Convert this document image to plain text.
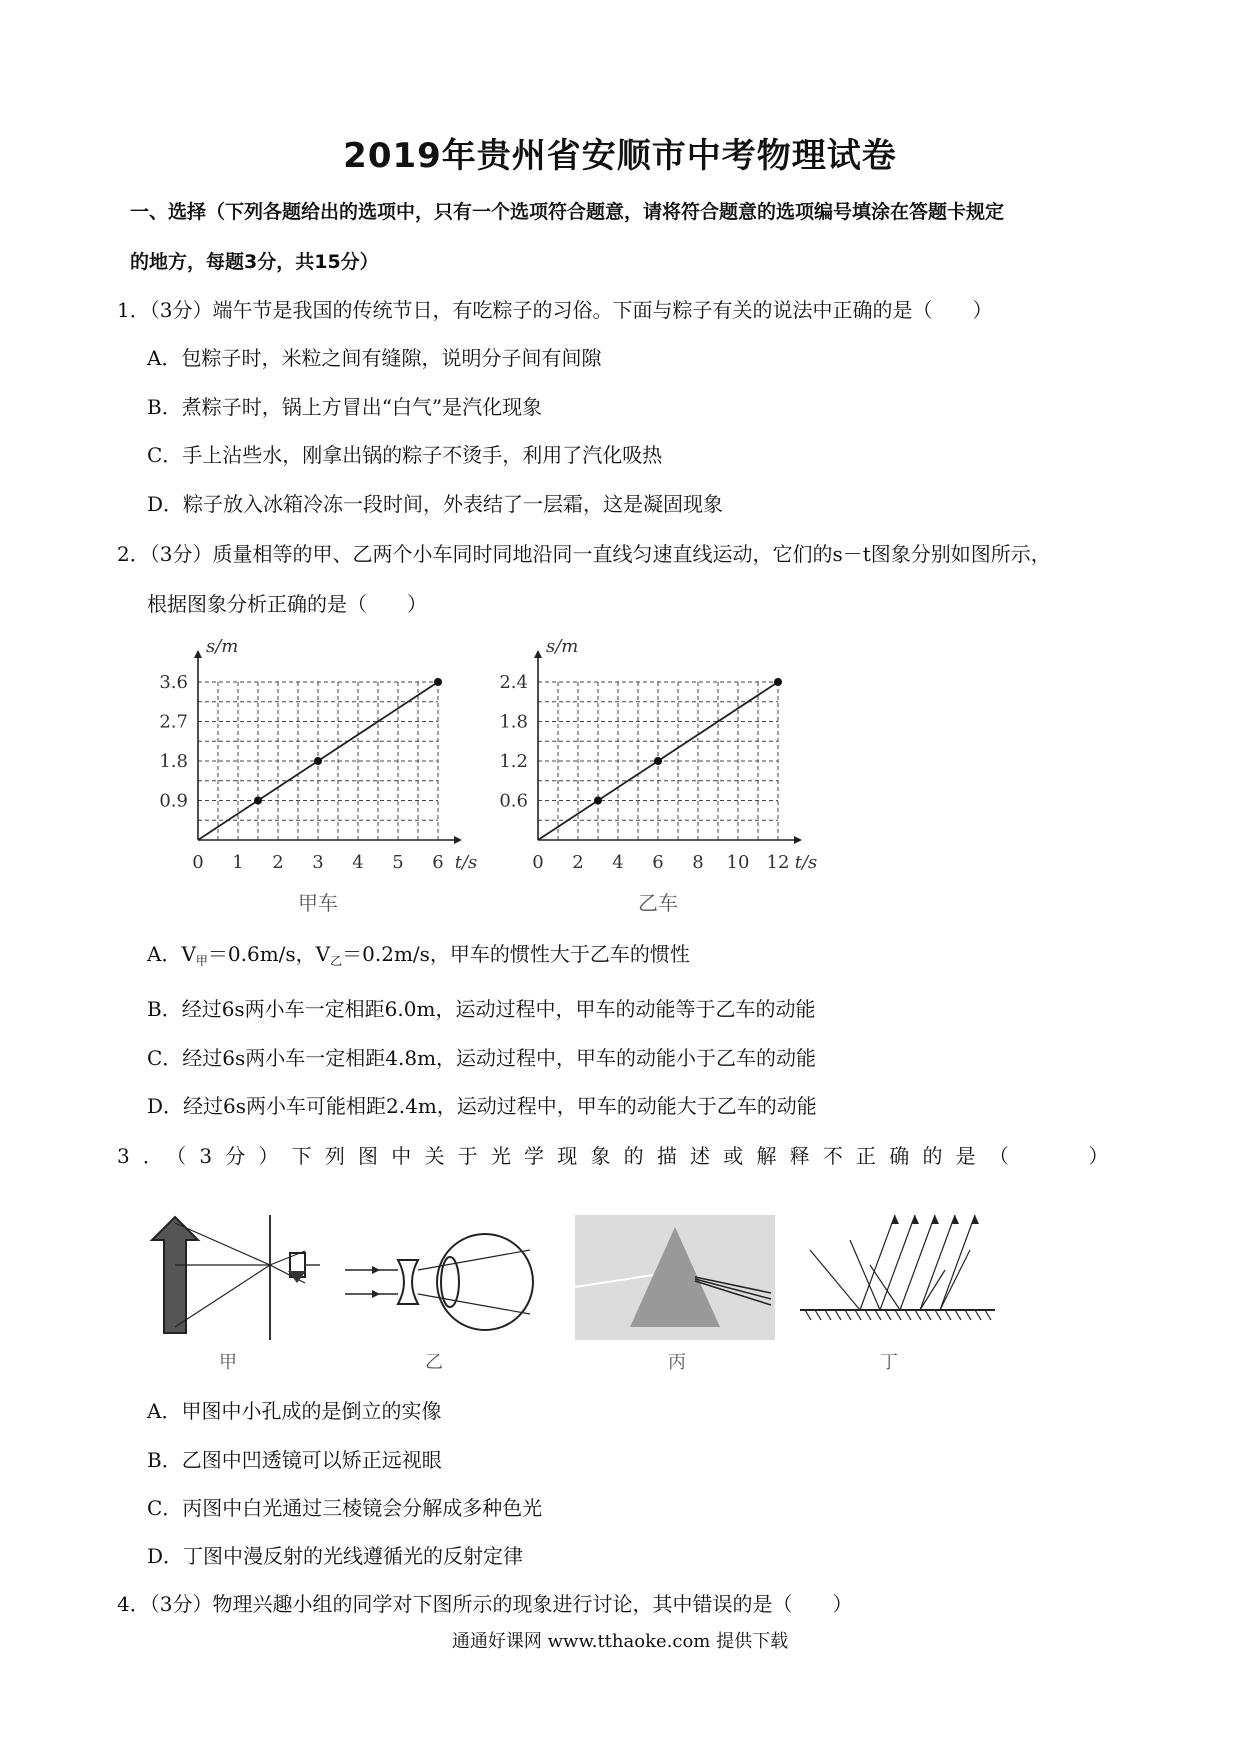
2019年贵州省安顺市中考物理试卷
一、选择（下列各题给出的选项中，只有一个选项符合题意，请将符合题意的选项编号填涂在答题卡规定
的地方，每题3分，共15分）
1．（3分）端午节是我国的传统节日，有吃粽子的习俗。下面与粽子有关的说法中正确的是（　　）
A．包粽子时，米粒之间有缝隙，说明分子间有间隙
B．煮粽子时，锅上方冒出“白气”是汽化现象
C．手上沾些水，刚拿出锅的粽子不烫手，利用了汽化吸热
D．粽子放入冰箱冷冻一段时间，外表结了一层霜，这是凝固现象
2．（3分）质量相等的甲、乙两个小车同时同地沿同一直线匀速直线运动，它们的s－t图象分别如图所示，
根据图象分析正确的是（　　）
0 1 2 3 4 5 6
0.9
1.8
2.7
3.6
t/s
s/m
甲车
0 2 4 6 8 10 12
0.6
1.2
1.8
2.4
t/s
s/m
乙车
A．$V_甲=0.6m/s$，$V_乙=0.2m/s$，甲车的惯性大于乙车的惯性
B．经过6s两小车一定相距6.0m，运动过程中，甲车的动能等于乙车的动能
C．经过6s两小车一定相距4.8m，运动过程中，甲车的动能小于乙车的动能
D．经过6s两小车可能相距2.4m，运动过程中，甲车的动能大于乙车的动能
3．（3分）下列图中关于光学现象的描述或解释不正确的是（　　）
甲	乙	丙	丁
A．甲图中小孔成的是倒立的实像
B．乙图中凹透镜可以矫正远视眼
C．丙图中白光通过三棱镜会分解成多种色光
D．丁图中漫反射的光线遵循光的反射定律
4．（3分）物理兴趣小组的同学对下图所示的现象进行讨论，其中错误的是（　　）
通通好课网 www.tthaoke.com 提供下载
